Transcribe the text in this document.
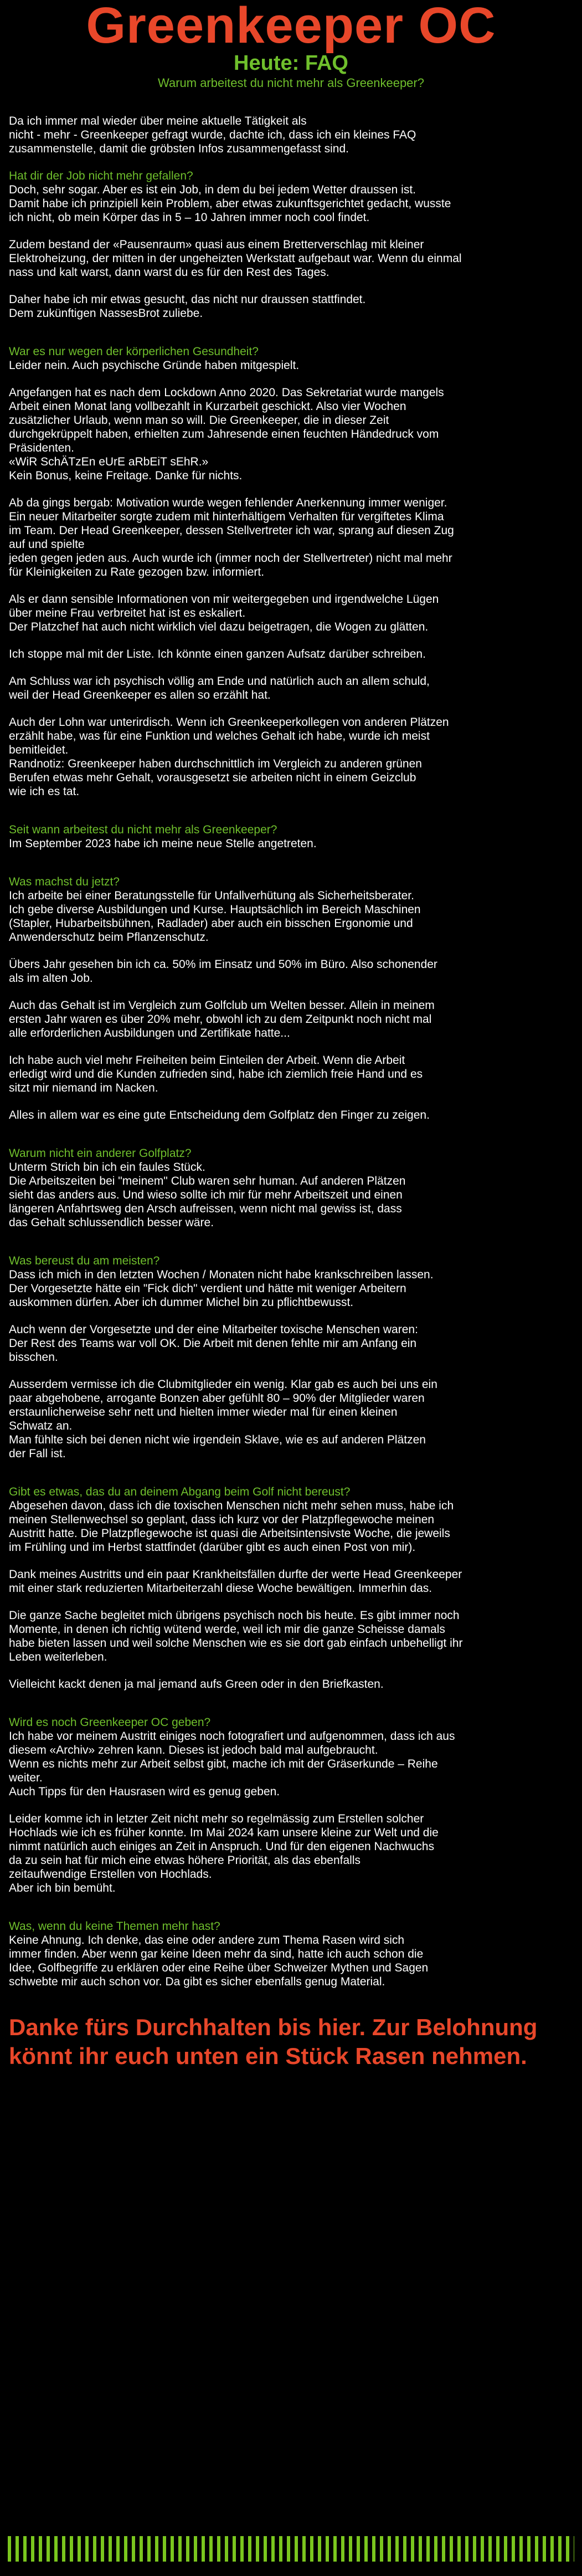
Greenkeeper OC
Heute: FAQ
Warum arbeitest du nicht mehr als Greenkeeper?

Da ich immer mal wieder über meine aktuelle Tätigkeit als
nicht - mehr - Greenkeeper gefragt wurde, dachte ich, dass ich ein kleines FAQ
zusammenstelle, damit die gröbsten Infos zusammengefasst sind.

Hat dir der Job nicht mehr gefallen?

Doch, sehr sogar. Aber es ist ein Job, in dem du bei jedem Wetter draussen ist.
Damit habe ich prinzipiell kein Problem, aber etwas zukunftsgerichtet gedacht, wusste
ich nicht, ob mein Körper das in 5 – 10 Jahren immer noch cool findet.

Zudem bestand der «Pausenraum» quasi aus einem Bretterverschlag mit kleiner
Elektroheizung, der mitten in der ungeheizten Werkstatt aufgebaut war. Wenn du einmal
nass und kalt warst, dann warst du es für den Rest des Tages.

Daher habe ich mir etwas gesucht, das nicht nur draussen stattfindet.
Dem zukünftigen NassesBrot zuliebe.

War es nur wegen der körperlichen Gesundheit?

Leider nein. Auch psychische Gründe haben mitgespielt.

Angefangen hat es nach dem Lockdown Anno 2020. Das Sekretariat wurde mangels
Arbeit einen Monat lang vollbezahlt in Kurzarbeit geschickt. Also vier Wochen
zusätzlicher Urlaub, wenn man so will. Die Greenkeeper, die in dieser Zeit
durchgekrüppelt haben, erhielten zum Jahresende einen feuchten Händedruck vom
Präsidenten.
«WiR SchÄTzEn eUrE aRbEiT sEhR.»
Kein Bonus, keine Freitage. Danke für nichts.

Ab da gings bergab: Motivation wurde wegen fehlender Anerkennung immer weniger.
Ein neuer Mitarbeiter sorgte zudem mit hinterhältigem Verhalten für vergiftetes Klima
im Team. Der Head Greenkeeper, dessen Stellvertreter ich war, sprang auf diesen Zug
auf und spielte
jeden gegen jeden aus. Auch wurde ich (immer noch der Stellvertreter) nicht mal mehr
für Kleinigkeiten zu Rate gezogen bzw. informiert.

Als er dann sensible Informationen von mir weitergegeben und irgendwelche Lügen
über meine Frau verbreitet hat ist es eskaliert.
Der Platzchef hat auch nicht wirklich viel dazu beigetragen, die Wogen zu glätten.

Ich stoppe mal mit der Liste. Ich könnte einen ganzen Aufsatz darüber schreiben.

Am Schluss war ich psychisch völlig am Ende und natürlich auch an allem schuld,
weil der Head Greenkeeper es allen so erzählt hat.

Auch der Lohn war unterirdisch. Wenn ich Greenkeeperkollegen von anderen Plätzen
erzählt habe, was für eine Funktion und welches Gehalt ich habe, wurde ich meist
bemitleidet.
Randnotiz: Greenkeeper haben durchschnittlich im Vergleich zu anderen grünen
Berufen etwas mehr Gehalt, vorausgesetzt sie arbeiten nicht in einem Geizclub
wie ich es tat.

Seit wann arbeitest du nicht mehr als Greenkeeper?

Im September 2023 habe ich meine neue Stelle angetreten.

Was machst du jetzt?

Ich arbeite bei einer Beratungsstelle für Unfallverhütung als Sicherheitsberater.
Ich gebe diverse Ausbildungen und Kurse. Hauptsächlich im Bereich Maschinen
(Stapler, Hubarbeitsbühnen, Radlader) aber auch ein bisschen Ergonomie und
Anwenderschutz beim Pflanzenschutz.

Übers Jahr gesehen bin ich ca. 50% im Einsatz und 50% im Büro. Also schonender
als im alten Job.

Auch das Gehalt ist im Vergleich zum Golfclub um Welten besser. Allein in meinem
ersten Jahr waren es über 20% mehr, obwohl ich zu dem Zeitpunkt noch nicht mal
alle erforderlichen Ausbildungen und Zertifikate hatte...

Ich habe auch viel mehr Freiheiten beim Einteilen der Arbeit. Wenn die Arbeit
erledigt wird und die Kunden zufrieden sind, habe ich ziemlich freie Hand und es
sitzt mir niemand im Nacken.

Alles in allem war es eine gute Entscheidung dem Golfplatz den Finger zu zeigen.

Warum nicht ein anderer Golfplatz?

Unterm Strich bin ich ein faules Stück.
Die Arbeitszeiten bei "meinem" Club waren sehr human. Auf anderen Plätzen
sieht das anders aus. Und wieso sollte ich mir für mehr Arbeitszeit und einen
längeren Anfahrtsweg den Arsch aufreissen, wenn nicht mal gewiss ist, dass
das Gehalt schlussendlich besser wäre.

Was bereust du am meisten?

Dass ich mich in den letzten Wochen / Monaten nicht habe krankschreiben lassen.
Der Vorgesetzte hätte ein "Fick dich" verdient und hätte mit weniger Arbeitern
auskommen dürfen. Aber ich dummer Michel bin zu pflichtbewusst.

Auch wenn der Vorgesetzte und der eine Mitarbeiter toxische Menschen waren:
Der Rest des Teams war voll OK. Die Arbeit mit denen fehlte mir am Anfang ein
bisschen.

Ausserdem vermisse ich die Clubmitglieder ein wenig. Klar gab es auch bei uns ein
paar abgehobene, arrogante Bonzen aber gefühlt 80 – 90% der Mitglieder waren
erstaunlicherweise sehr nett und hielten immer wieder mal für einen kleinen
Schwatz an.
Man fühlte sich bei denen nicht wie irgendein Sklave, wie es auf anderen Plätzen
der Fall ist.

Gibt es etwas, das du an deinem Abgang beim Golf nicht bereust?

Abgesehen davon, dass ich die toxischen Menschen nicht mehr sehen muss, habe ich
meinen Stellenwechsel so geplant, dass ich kurz vor der Platzpflegewoche meinen
Austritt hatte. Die Platzpflegewoche ist quasi die Arbeitsintensivste Woche, die jeweils
im Frühling und im Herbst stattfindet (darüber gibt es auch einen Post von mir).

Dank meines Austritts und ein paar Krankheitsfällen durfte der werte Head Greenkeeper
mit einer stark reduzierten Mitarbeiterzahl diese Woche bewältigen. Immerhin das.

Die ganze Sache begleitet mich übrigens psychisch noch bis heute. Es gibt immer noch
Momente, in denen ich richtig wütend werde, weil ich mir die ganze Scheisse damals
habe bieten lassen und weil solche Menschen wie es sie dort gab einfach unbehelligt ihr
Leben weiterleben.

Vielleicht kackt denen ja mal jemand aufs Green oder in den Briefkasten.

Wird es noch Greenkeeper OC geben?

Ich habe vor meinem Austritt einiges noch fotografiert und aufgenommen, dass ich aus
diesem «Archiv» zehren kann. Dieses ist jedoch bald mal aufgebraucht.
Wenn es nichts mehr zur Arbeit selbst gibt, mache ich mit der Gräserkunde – Reihe
weiter.
Auch Tipps für den Hausrasen wird es genug geben.

Leider komme ich in letzter Zeit nicht mehr so regelmässig zum Erstellen solcher
Hochlads wie ich es früher konnte. Im Mai 2024 kam unsere kleine zur Welt und die
nimmt natürlich auch einiges an Zeit in Anspruch. Und für den eigenen Nachwuchs
da zu sein hat für mich eine etwas höhere Priorität, als das ebenfalls
zeitaufwendige Erstellen von Hochlads.
Aber ich bin bemüht.

Was, wenn du keine Themen mehr hast?

Keine Ahnung. Ich denke, das eine oder andere zum Thema Rasen wird sich
immer finden. Aber wenn gar keine Ideen mehr da sind, hatte ich auch schon die
Idee, Golfbegriffe zu erklären oder eine Reihe über Schweizer Mythen und Sagen
schwebte mir auch schon vor. Da gibt es sicher ebenfalls genug Material.

Danke fürs Durchhalten bis hier. Zur Belohnung könnt ihr euch unten ein Stück Rasen nehmen.
